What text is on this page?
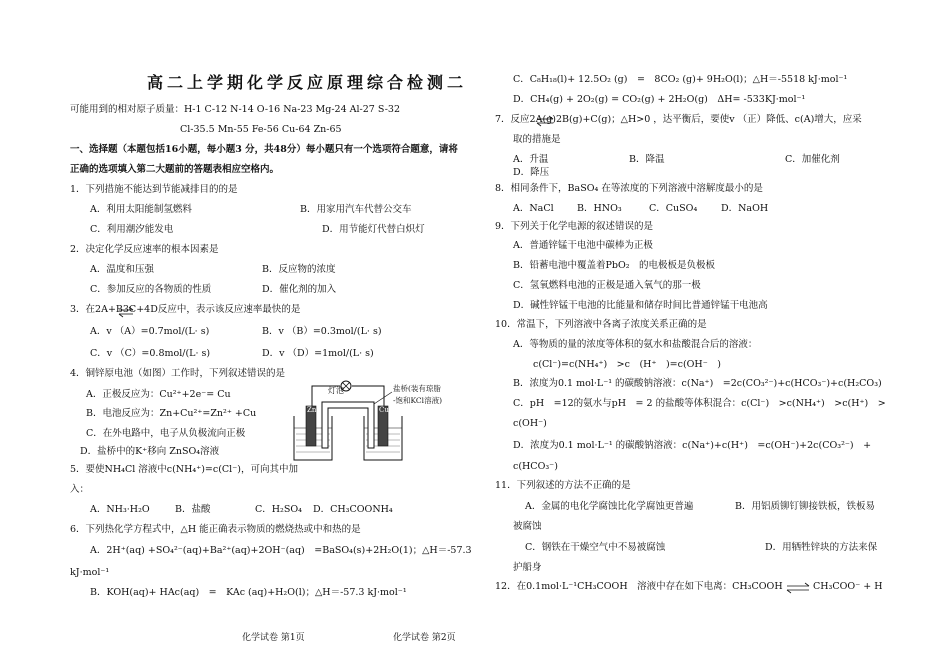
高二上学期化学反应原理综合检测二
可能用到的相对原子质量：H-1 C-12 N-14 O-16 Na-23 Mg-24 Al-27 S-32
Cl-35.5 Mn-55 Fe-56 Cu-64 Zn-65
一、选择题（本题包括16小题，每小题3 分，共48分）每小题只有一个选项符合题意，请将
正确的选项填入第二大题前的答题表相应空格内。
1．下列措施不能达到节能减排目的的是
A．利用太阳能制氢燃料	B．用家用汽车代替公交车
C．利用潮汐能发电	D．用节能灯代替白炽灯
2．决定化学反应速率的根本因素是
A．温度和压强	B．反应物的浓度
C．参加反应的各物质的性质	D．催化剂的加入
3．在2A+B3C+4D反应中，表示该反应速率最快的是
A．v （A）=0.7mol/(L· s)	B．v （B）=0.3mol/(L· s)
C．v （C）=0.8mol/(L· s)	D．v （D）=1mol/(L· s)
4．铜锌原电池（如图）工作时，下列叙述错误的是
A．正极反应为：Cu²⁺+2e⁻= Cu
B．电池反应为：Zn+Cu²⁺=Zn²⁺ +Cu
C．在外电路中，电子从负极流向正极
D．盐桥中的K⁺移向 ZnSO₄溶液
灯泡	盐桥(装有琼脂
-饱和KCl溶液)
Zn	Cu
5．要使NH₄Cl 溶液中c(NH₄⁺)=c(Cl⁻)，可向其中加
入：
A．NH₃·H₂O	B．盐酸	C．H₂SO₄ D．CH₃COONH₄
6．下列热化学方程式中，△H 能正确表示物质的燃烧热或中和热的是
A．2H⁺(aq) +SO₄²⁻(aq)+Ba²⁺(aq)+2OH⁻(aq)　=BaSO₄(s)+2H₂O(1)；△H＝-57.3
kJ·mol⁻¹
B．KOH(aq)+ HAc(aq)　=　KAc (aq)+H₂O(l)；△H＝-57.3 kJ·mol⁻¹
化学试卷 第1页
C．C₈H₁₈(l)+ 12.5O₂ (g)　=　8CO₂ (g)+ 9H₂O(l)；△H＝-5518 kJ·mol⁻¹
D．CH₄(g) + 2O₂(g) = CO₂(g) + 2H₂O(g)　ΔH= -533KJ·mol⁻¹
7．反应2A(g)2B(g)+C(g)；△H>0 ，达平衡后，要使v （正）降低、c(A)增大，应采
取的措施是
A．升温	B．降温	C．加催化剂
D．降压
8．相同条件下，BaSO₄ 在等浓度的下列溶液中溶解度最小的是
A．NaCl B．HNO₃	C．CuSO₄ D．NaOH
9．下列关于化学电源的叙述错误的是
A．普通锌锰干电池中碳棒为正极
B．铅蓄电池中覆盖着PbO₂　的电极板是负极板
C．氢氧燃料电池的正极是通入氧气的那一极
D．碱性锌锰干电池的比能量和储存时间比普通锌锰干电池高
10．常温下，下列溶液中各离子浓度关系正确的是
A．等物质的量的浓度等体积的氨水和盐酸混合后的溶液：
c(Cl⁻)=c(NH₄⁺)　>c　(H⁺　)=c(OH⁻　)
B．浓度为0.1 mol·L⁻¹ 的碳酸钠溶液：c(Na⁺)　=2c(CO₃²⁻)+c(HCO₃⁻)+c(H₂CO₃)
C．pH　=12的氨水与pH　= 2 的盐酸等体积混合：c(Cl⁻)　>c(NH₄⁺)　>c(H⁺)　>
c(OH⁻)
D．浓度为0.1 mol·L⁻¹ 的碳酸钠溶液：c(Na⁺)+c(H⁺)　=c(OH⁻)+2c(CO₃²⁻)　+
c(HCO₃⁻)
11．下列叙述的方法不正确的是
A．金属的电化学腐蚀比化学腐蚀更普遍	B．用铝质铆钉铆接铁板，铁板易
被腐蚀
C．钢铁在干燥空气中不易被腐蚀	D．用牺牲锌块的方法来保
护船身
12．在0.1mol·L⁻¹CH₃COOH　溶液中存在如下电离：CH₃COOH ⇌ CH₃COO⁻ + H
化学试卷 第2页
